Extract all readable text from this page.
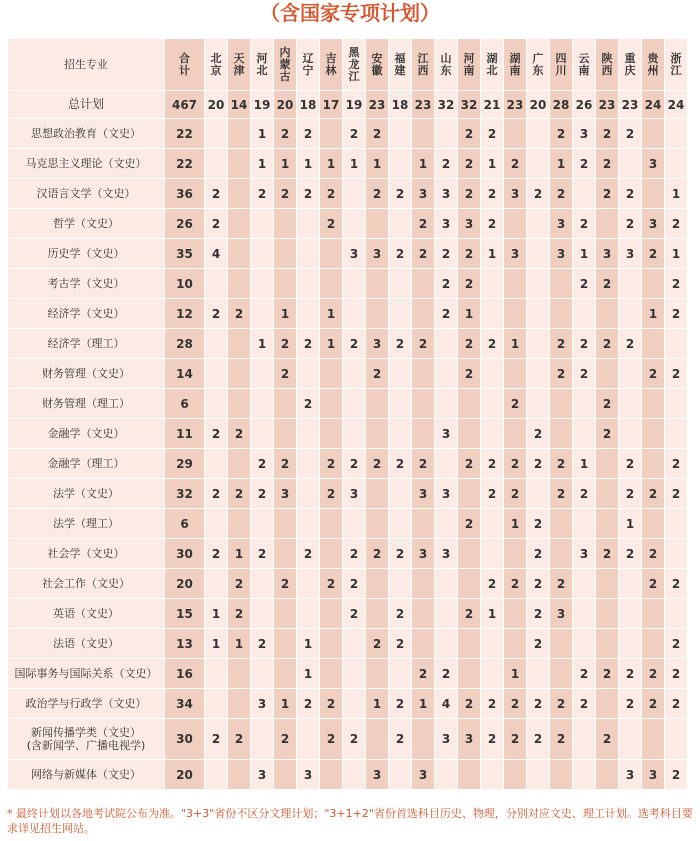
（含国家专项计划）
招生专业	合计	北京	天津	河北	内蒙古	辽宁	吉林	黑龙江	安徽	福建	江西	山东	河南	湖北	湖南	广东	四川	云南	陕西	重庆	贵州	浙江
总计划	467	20	14	19	20	18	17	19	23	18	23	32	32	21	23	20	28	26	23	23	24	24
思想政治教育（文史）	22			1	2	2		2	2				2	2			2	3	2	2		
马克思主义理论（文史）	22			1	1	1	1	1	1		1	2	2	1	2		1	2	2		3	
汉语言文学（文史）	36	2		2	2	2	2		2	2	3	3	2	2	3	2	2		2	2		1
哲学（文史）	26	2					2				2	3	3	2			3	2		2	3	2
历史学（文史）	35	4						3	3	2	2	2	2	1	3		3	1	3	3	2	1
考古学（文史）	10											2	2					2	2			2
经济学（文史）	12	2	2		1		1					2	1								1	2
经济学（理工）	28			1	2	2	1	2	3	2	2		2	2	1		2	2	2	2		
财务管理（文史）	14				2				2				2				2	2			2	2
财务管理（理工）	6					2									2				2			
金融学（文史）	11	2	2									3				2			2			
金融学（理工）	29			2	2		2	2	2	2	2		2	2	2	2	2	1		2		2
法学（文史）	32	2	2	2	3		2	3			3	3		2	2		2	2		2	2	2
法学（理工）	6												2		1	2				1		
社会学（文史）	30	2	1	2		2		2	2	2	3	3				2		3	2	2	2	
社会工作（文史）	20		2		2		2	2						2	2	2	2				2	2
英语（文史）	15	1	2					2		2			2	1		2	3					
法语（文史）	13	1	1	2		1			2	2						2						2
国际事务与国际关系（文史）	16					1					2	2			1			2	2	2	2	2
政治学与行政学（文史）	34			3	1	2	2		1	2	1	4	2	2	2	2	2	2		2	2	2
新闻传播学类（文史）
(含新闻学、广播电视学)	30	2	2		2		2	2		2		3	3	2	2	2	2		2			
网络与新媒体（文史）	20			3		3			3		3									3	3	2
* 最终计划以各地考试院公布为准。"3+3"省份不区分文理计划；"3+1+2"省份首选科目历史、物理，分别对应文史、理工计划。选考科目要求详见招生网站。
